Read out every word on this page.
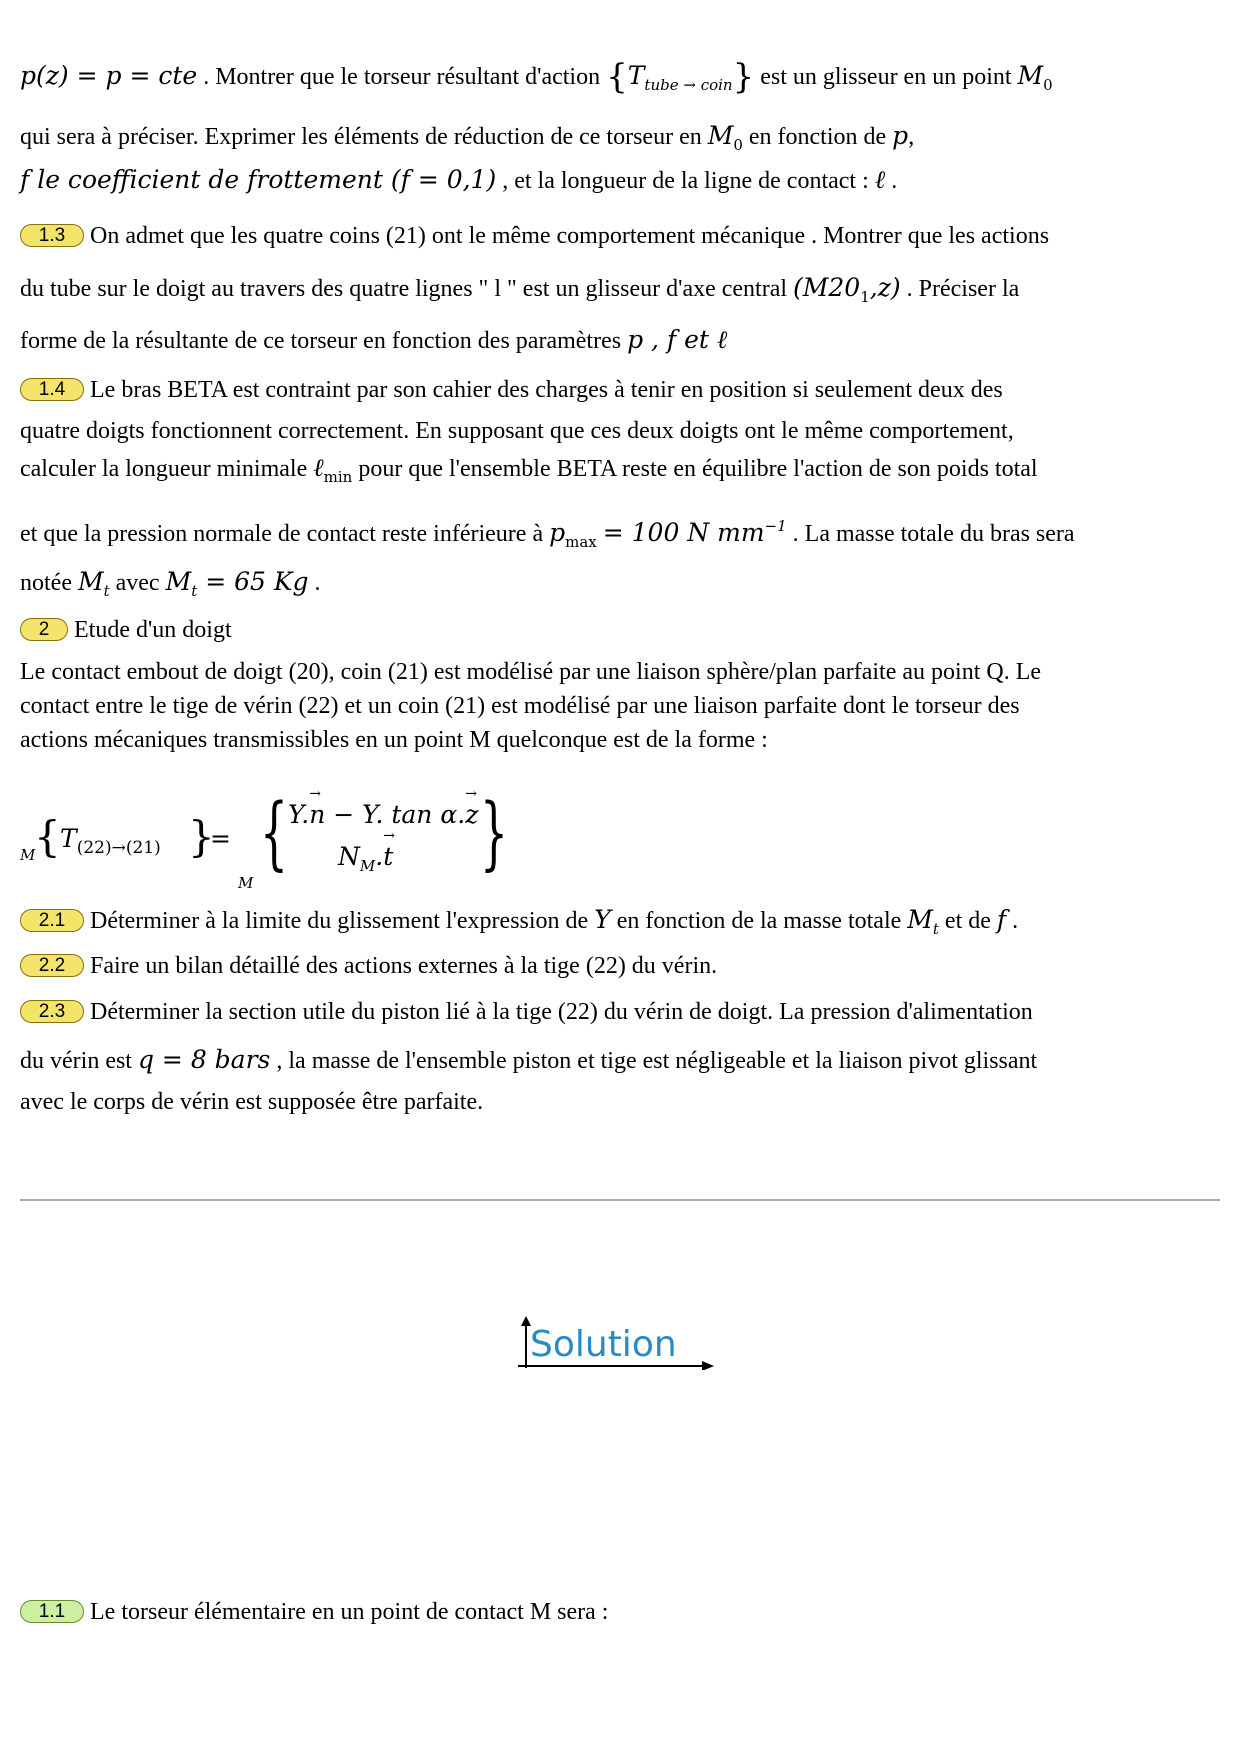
p(z) = p = cte . Montrer que le torseur résultant d'action $\{T_{tube \to coin}\}$ est un glisseur en un point $M_0$
qui sera à préciser. Exprimer les éléments de réduction de ce torseur en $M_0$ en fonction de p,
f le coefficient de frottement (f = 0,1) , et la longueur de la ligne de contact : ℓ .
1.3 On admet que les quatre coins (21) ont le même comportement mécanique . Montrer que les actions
du tube sur le doigt au travers des quatre lignes " l " est un glisseur d'axe central $(M20_1,z)$ . Préciser la
forme de la résultante de ce torseur en fonction des paramètres p , f et ℓ
1.4 Le bras BETA est contraint par son cahier des charges à tenir en position si seulement deux des
quatre doigts fonctionnent correctement. En supposant que ces deux doigts ont le même comportement,
calculer la longueur minimale ℓ$_{min}$ pour que l'ensemble BETA reste en équilibre l'action de son poids total
et que la pression normale de contact reste inférieure à $p_{max} = 100$ N $mm^{-1}$ . La masse totale du bras sera
notée $M_t$ avec $M_t = 65$ Kg .
2 Etude d'un doigt
Le contact embout de doigt (20), coin (21) est modélisé par une liaison sphère/plan parfaite au point Q. Le
contact entre le tige de vérin (22) et un coin (21) est modélisé par une liaison parfaite dont le torseur des
actions mécaniques transmissibles en un point M quelconque est de la forme :
M
{ $T_{(22)\to(21)}$ }
= { Y.→ n − Y. tan α.→ z
$N_M.\to t$ }
M
2.1 Déterminer à la limite du glissement l'expression de Y en fonction de la masse totale $M_t$ et de f .
2.2 Faire un bilan détaillé des actions externes à la tige (22) du vérin.
2.3 Déterminer la section utile du piston lié à la tige (22) du vérin de doigt. La pression d'alimentation
du vérin est q = 8 bars , la masse de l'ensemble piston et tige est négligeable et la liaison pivot glissant
avec le corps de vérin est supposée être parfaite.
1.1 Le torseur élémentaire en un point de contact M sera :
Solution
